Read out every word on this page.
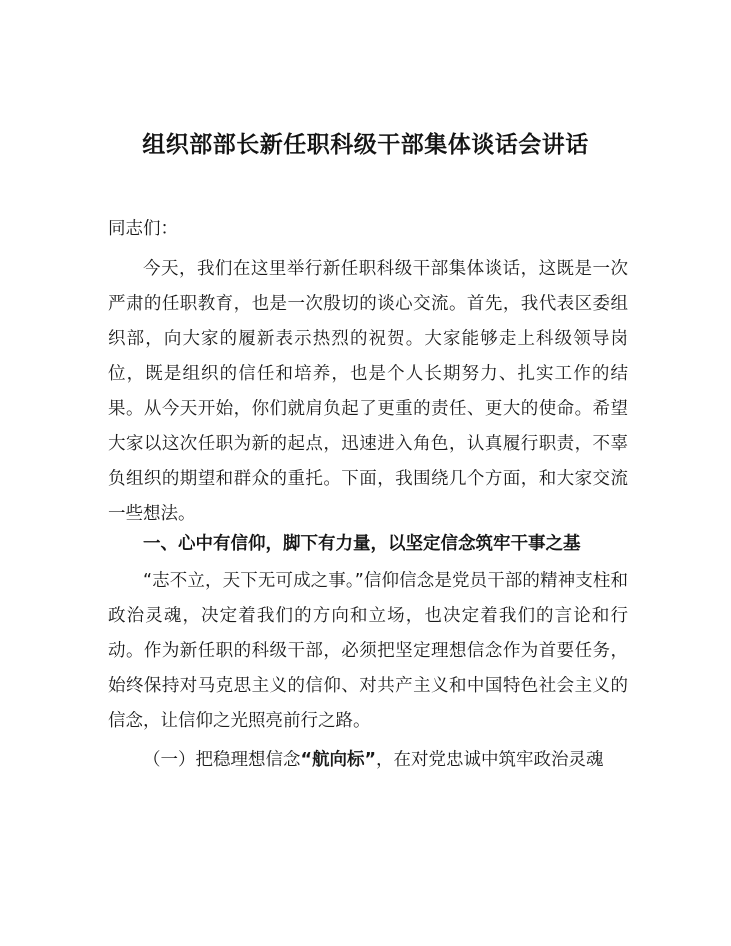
组织部部长新任职科级干部集体谈话会讲话
同志们：

今天，我们在这里举行新任职科级干部集体谈话，这既是一次严肃的任职教育，也是一次殷切的谈心交流。首先，我代表区委组织部，向大家的履新表示热烈的祝贺。大家能够走上科级领导岗位，既是组织的信任和培养，也是个人长期努力、扎实工作的结果。从今天开始，你们就肩负起了更重的责任、更大的使命。希望大家以这次任职为新的起点，迅速进入角色，认真履行职责，不辜负组织的期望和群众的重托。下面，我围绕几个方面，和大家交流一些想法。

一、心中有信仰，脚下有力量，以坚定信念筑牢干事之基

“志不立，天下无可成之事。”信仰信念是党员干部的精神支柱和政治灵魂，决定着我们的方向和立场，也决定着我们的言论和行动。作为新任职的科级干部，必须把坚定理想信念作为首要任务，始终保持对马克思主义的信仰、对共产主义和中国特色社会主义的信念，让信仰之光照亮前行之路。

（一）把稳理想信念“航向标”，在对党忠诚中筑牢政治灵魂
